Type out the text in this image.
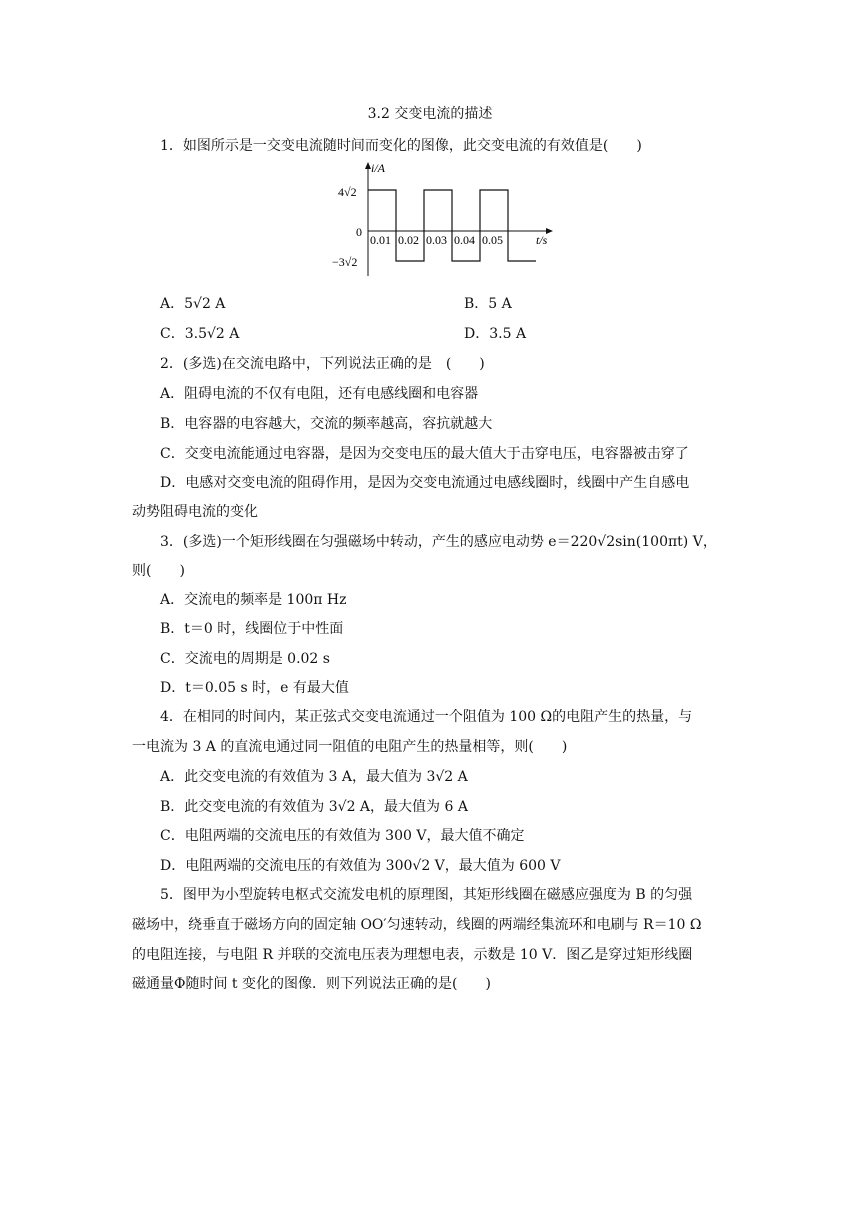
3.2 交变电流的描述
1．如图所示是一交变电流随时间而变化的图像，此交变电流的有效值是(　　)
i/A
t/s
0
4√2
−3√2
0.01 0.02 0.03 0.04 0.05
A．5√2 A	B．5 A
C．3.5√2 A	D．3.5 A
2．(多选)在交流电路中，下列说法正确的是　(　　)
A．阻碍电流的不仅有电阻，还有电感线圈和电容器
B．电容器的电容越大，交流的频率越高，容抗就越大
C．交变电流能通过电容器，是因为交变电压的最大值大于击穿电压，电容器被击穿了
D．电感对交变电流的阻碍作用，是因为交变电流通过电感线圈时，线圈中产生自感电
动势阻碍电流的变化
3．(多选)一个矩形线圈在匀强磁场中转动，产生的感应电动势 e＝220√2sin(100πt) V，
则(　　)
A．交流电的频率是 100π Hz
B．t＝0 时，线圈位于中性面
C．交流电的周期是 0.02 s
D．t＝0.05 s 时，e 有最大值
4．在相同的时间内，某正弦式交变电流通过一个阻值为 100 Ω的电阻产生的热量，与
一电流为 3 A 的直流电通过同一阻值的电阻产生的热量相等，则(　　)
A．此交变电流的有效值为 3 A，最大值为 3√2 A
B．此交变电流的有效值为 3√2 A，最大值为 6 A
C．电阻两端的交流电压的有效值为 300 V，最大值不确定
D．电阻两端的交流电压的有效值为 300√2 V，最大值为 600 V
5．图甲为小型旋转电枢式交流发电机的原理图，其矩形线圈在磁感应强度为 B 的匀强
磁场中，绕垂直于磁场方向的固定轴 OO′匀速转动，线圈的两端经集流环和电刷与 R＝10 Ω
的电阻连接，与电阻 R 并联的交流电压表为理想电表，示数是 10 V．图乙是穿过矩形线圈
磁通量Φ随时间 t 变化的图像．则下列说法正确的是(　　)
